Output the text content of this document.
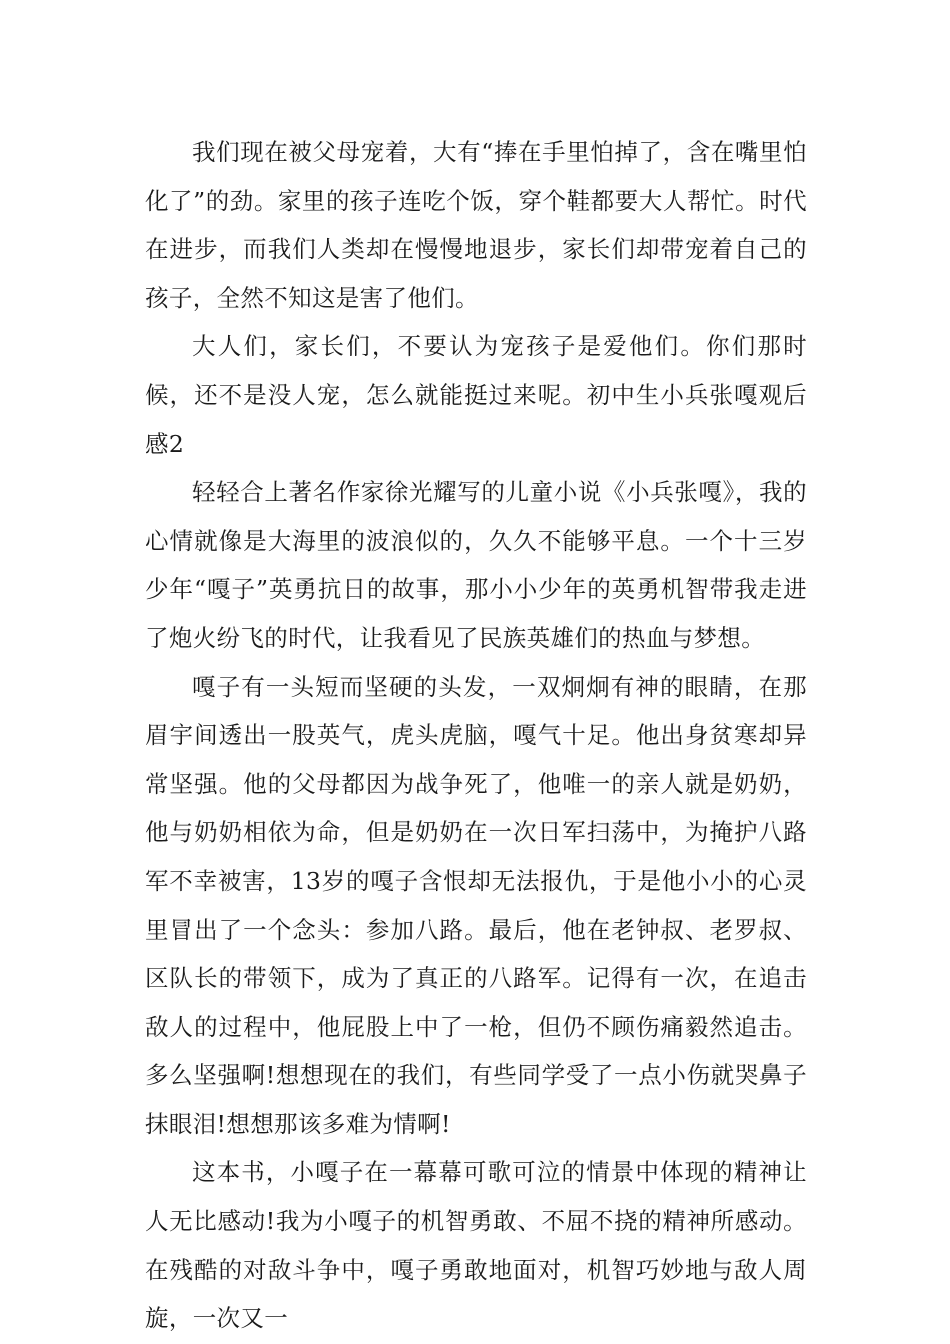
我们现在被父母宠着，大有“捧在手里怕掉了，含在嘴里怕化了”的劲。家里的孩子连吃个饭，穿个鞋都要大人帮忙。时代在进步，而我们人类却在慢慢地退步，家长们却带宠着自己的孩子，全然不知这是害了他们。

大人们，家长们，不要认为宠孩子是爱他们。你们那时候，还不是没人宠，怎么就能挺过来呢。初中生小兵张嘎观后感2

轻轻合上著名作家徐光耀写的儿童小说《小兵张嘎》，我的心情就像是大海里的波浪似的，久久不能够平息。一个十三岁少年“嘎子”英勇抗日的故事，那小小少年的英勇机智带我走进了炮火纷飞的时代，让我看见了民族英雄们的热血与梦想。

嘎子有一头短而坚硬的头发，一双炯炯有神的眼睛，在那眉宇间透出一股英气，虎头虎脑，嘎气十足。他出身贫寒却异常坚强。他的父母都因为战争死了，他唯一的亲人就是奶奶，他与奶奶相依为命，但是奶奶在一次日军扫荡中，为掩护八路军不幸被害，13岁的嘎子含恨却无法报仇，于是他小小的心灵里冒出了一个念头：参加八路。最后，他在老钟叔、老罗叔、区队长的带领下，成为了真正的八路军。记得有一次，在追击敌人的过程中，他屁股上中了一枪，但仍不顾伤痛毅然追击。多么坚强啊!想想现在的我们，有些同学受了一点小伤就哭鼻子抹眼泪!想想那该多难为情啊!

这本书，小嘎子在一幕幕可歌可泣的情景中体现的精神让人无比感动!我为小嘎子的机智勇敢、不屈不挠的精神所感动。在残酷的对敌斗争中，嘎子勇敢地面对，机智巧妙地与敌人周旋，一次又一
